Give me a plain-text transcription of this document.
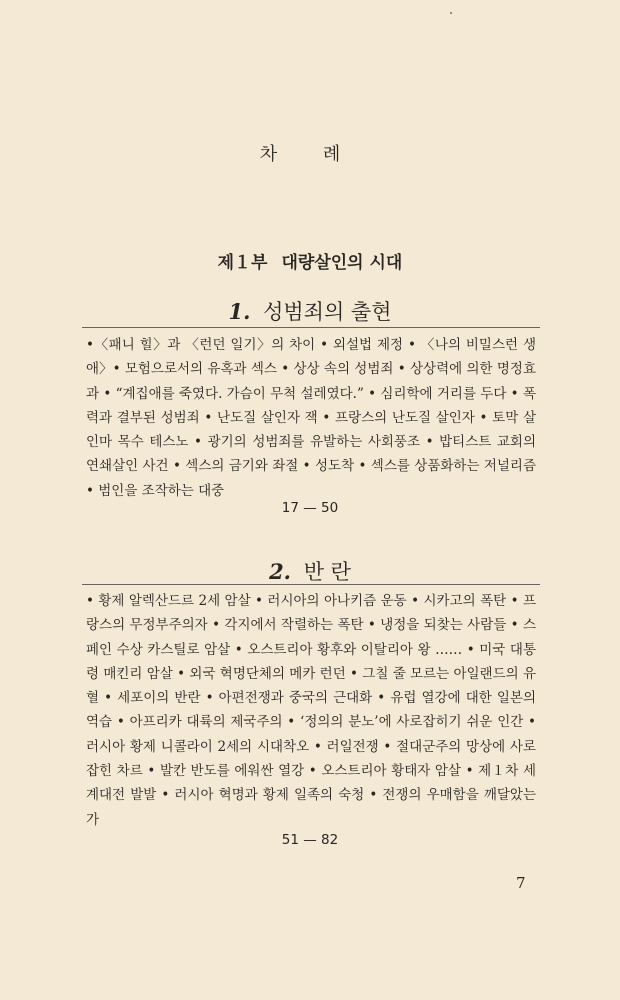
차 례
제１부 대량살인의 시대
1. 성범죄의 출현
•〈패니 힐〉과 〈런던 일기〉의 차이 • 외설법 제정 • 〈나의 비밀스런 생애〉• 모험으로서의 유혹과 섹스 • 상상 속의 성범죄 • 상상력에 의한 명정효과 • “계집애를 죽였다. 가슴이 무척 설레였다.” • 심리학에 거리를 두다 • 폭력과 결부된 성범죄 • 난도질 살인자 잭 • 프랑스의 난도질 살인자 • 토막 살인마 목수 테스노 • 광기의 성범죄를 유발하는 사회풍조 • 밥티스트 교회의 연쇄살인 사건 • 섹스의 금기와 좌절 • 성도착 • 섹스를 상품화하는 저널리즘 • 범인을 조작하는 대중
17 — 50
2. 반 란
• 황제 알렉산드르 2세 암살 • 러시아의 아나키즘 운동 • 시카고의 폭탄 • 프랑스의 무정부주의자 • 각지에서 작렬하는 폭탄 • 냉정을 되찾는 사람들 • 스페인 수상 카스틸로 암살 • 오스트리아 황후와 이탈리아 왕 …… • 미국 대통령 매킨리 암살 • 외국 혁명단체의 메카 런던 • 그칠 줄 모르는 아일랜드의 유혈 • 세포이의 반란 • 아편전쟁과 중국의 근대화 • 유럽 열강에 대한 일본의 역습 • 아프리카 대륙의 제국주의 • ‘정의의 분노’에 사로잡히기 쉬운 인간 • 러시아 황제 니콜라이 2세의 시대착오 • 러일전쟁 • 절대군주의 망상에 사로잡힌 차르 • 발칸 반도를 에워싼 열강 • 오스트리아 황태자 암살 • 제１차 세계대전 발발 • 러시아 혁명과 황제 일족의 숙청 • 전쟁의 우매함을 깨달았는가
51 — 82
7
